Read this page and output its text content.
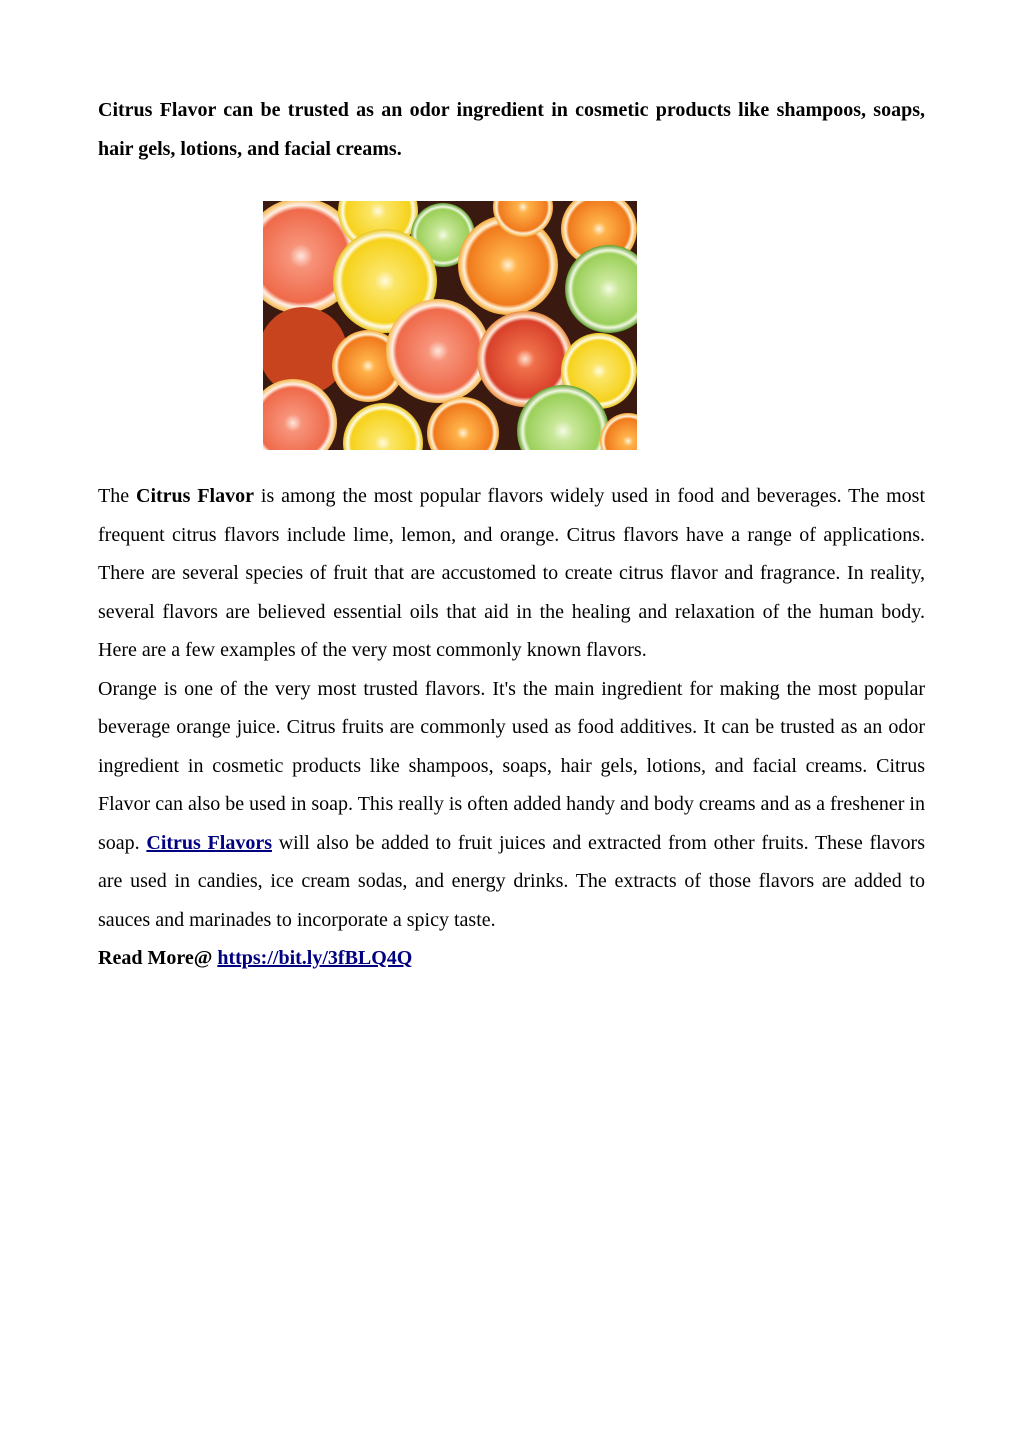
Citrus Flavor can be trusted as an odor ingredient in cosmetic products like shampoos, soaps, hair gels, lotions, and facial creams.

The Citrus Flavor is among the most popular flavors widely used in food and beverages. The most frequent citrus flavors include lime, lemon, and orange. Citrus flavors have a range of applications. There are several species of fruit that are accustomed to create citrus flavor and fragrance. In reality, several flavors are believed essential oils that aid in the healing and relaxation of the human body. Here are a few examples of the very most commonly known flavors.

Orange is one of the very most trusted flavors. It's the main ingredient for making the most popular beverage orange juice. Citrus fruits are commonly used as food additives. It can be trusted as an odor ingredient in cosmetic products like shampoos, soaps, hair gels, lotions, and facial creams. Citrus Flavor can also be used in soap. This really is often added handy and body creams and as a freshener in soap. Citrus Flavors will also be added to fruit juices and extracted from other fruits. These flavors are used in candies, ice cream sodas, and energy drinks. The extracts of those flavors are added to sauces and marinades to incorporate a spicy taste.

Read More@ https://bit.ly/3fBLQ4Q
